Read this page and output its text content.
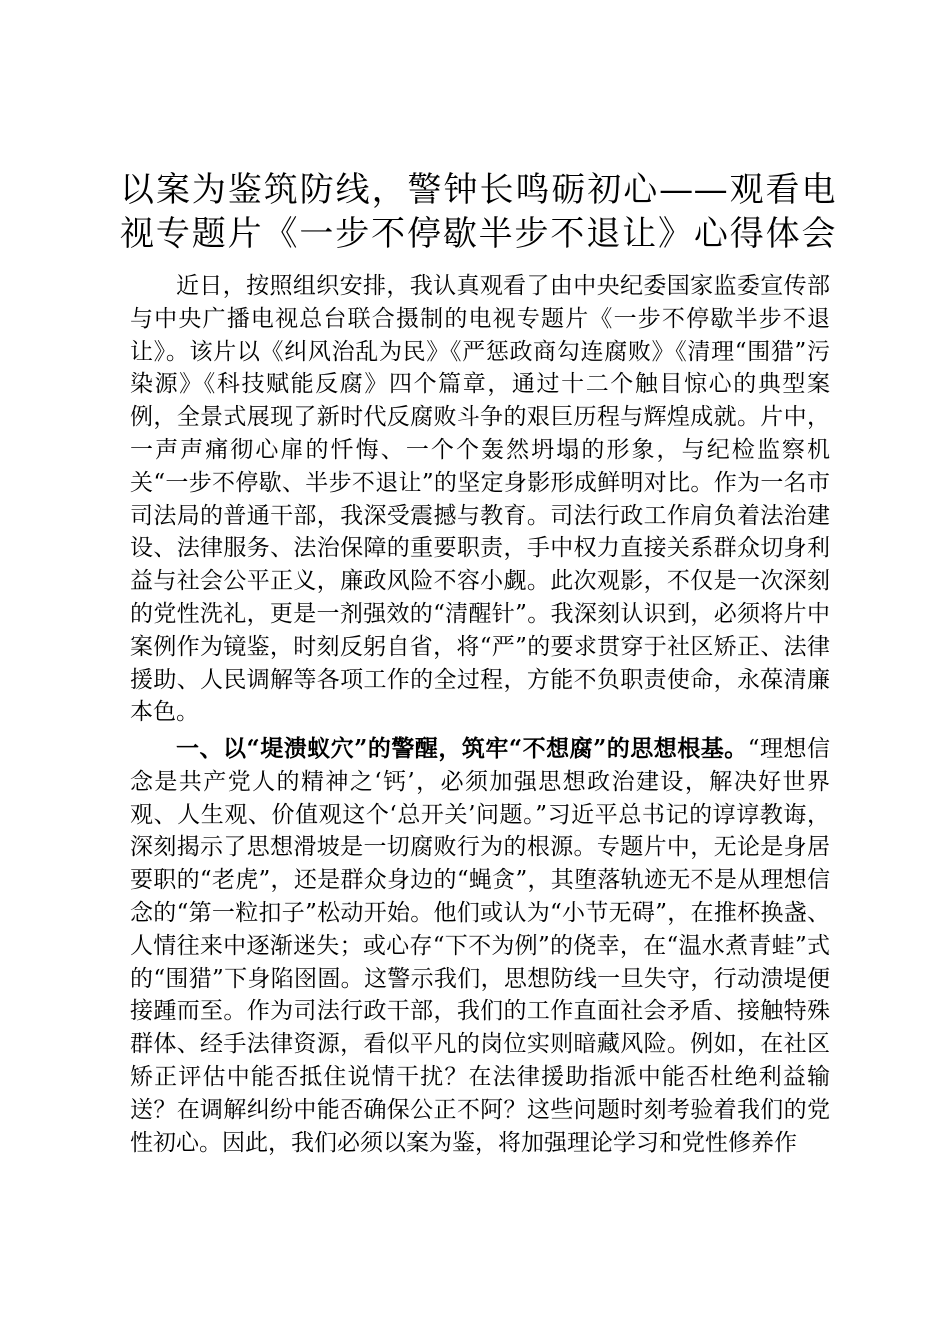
以案为鉴筑防线，警钟长鸣砺初心——观看电视专题片《一步不停歇半步不退让》心得体会

近日，按照组织安排，我认真观看了由中央纪委国家监委宣传部与中央广播电视总台联合摄制的电视专题片《一步不停歇半步不退让》。该片以《纠风治乱为民》《严惩政商勾连腐败》《清理“围猎”污染源》《科技赋能反腐》四个篇章，通过十二个触目惊心的典型案例，全景式展现了新时代反腐败斗争的艰巨历程与辉煌成就。片中，一声声痛彻心扉的忏悔、一个个轰然坍塌的形象，与纪检监察机关“一步不停歇、半步不退让”的坚定身影形成鲜明对比。作为一名市司法局的普通干部，我深受震撼与教育。司法行政工作肩负着法治建设、法律服务、法治保障的重要职责，手中权力直接关系群众切身利益与社会公平正义，廉政风险不容小觑。此次观影，不仅是一次深刻的党性洗礼，更是一剂强效的“清醒针”。我深刻认识到，必须将片中案例作为镜鉴，时刻反躬自省，将“严”的要求贯穿于社区矫正、法律援助、人民调解等各项工作的全过程，方能不负职责使命，永葆清廉本色。

一、以“堤溃蚁穴”的警醒，筑牢“不想腐”的思想根基。“理想信念是共产党人的精神之‘钙’，必须加强思想政治建设，解决好世界观、人生观、价值观这个‘总开关’问题。”习近平总书记的谆谆教诲，深刻揭示了思想滑坡是一切腐败行为的根源。专题片中，无论是身居要职的“老虎”，还是群众身边的“蝇贪”，其堕落轨迹无不是从理想信念的“第一粒扣子”松动开始。他们或认为“小节无碍”，在推杯换盏、人情往来中逐渐迷失；或心存“下不为例”的侥幸，在“温水煮青蛙”式的“围猎”下身陷囹圄。这警示我们，思想防线一旦失守，行动溃堤便接踵而至。作为司法行政干部，我们的工作直面社会矛盾、接触特殊群体、经手法律资源，看似平凡的岗位实则暗藏风险。例如，在社区矫正评估中能否抵住说情干扰？在法律援助指派中能否杜绝利益输送？在调解纠纷中能否确保公正不阿？这些问题时刻考验着我们的党性初心。因此，我们必须以案为鉴，将加强理论学习和党性修养作
